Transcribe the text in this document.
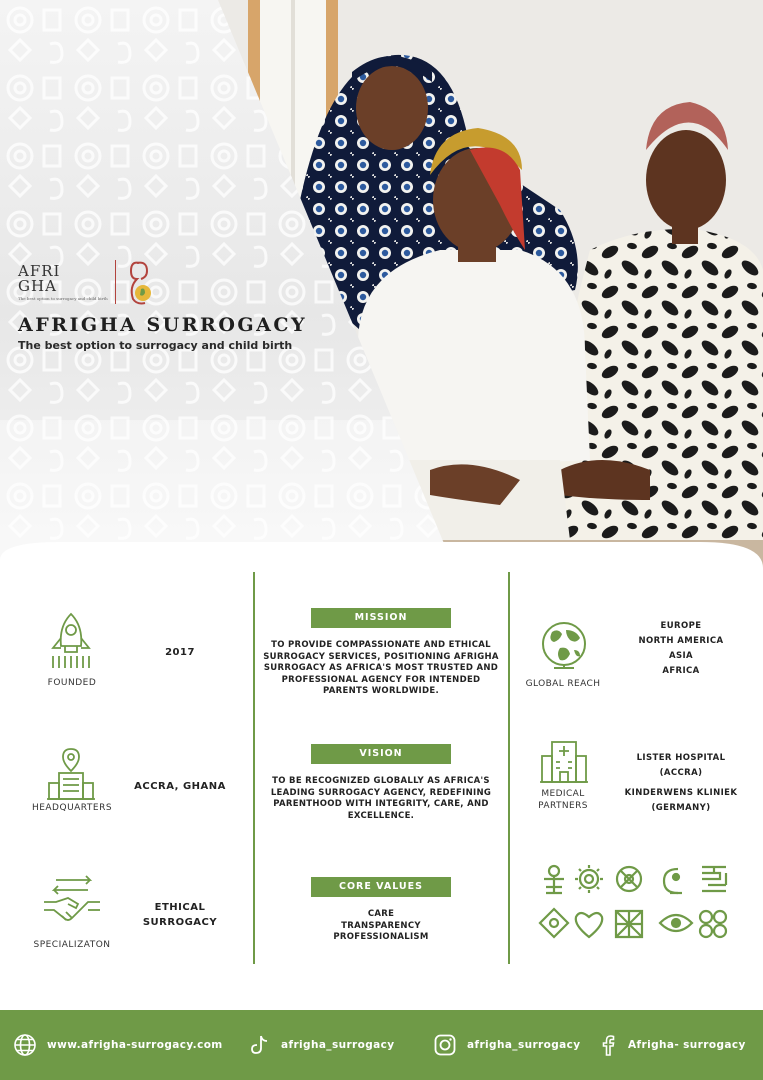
AFRI
GHA
The best option to surrogacy and child birth
AFRIGHA SURROGACY
The best option to surrogacy and child birth
FOUNDED
2017
HEADQUARTERS
ACCRA, GHANA
SPECIALIZATON
ETHICAL
SURROGACY
MISSION
TO PROVIDE COMPASSIONATE AND ETHICAL SURROGACY SERVICES, POSITIONING AFRIGHA SURROGACY AS AFRICA'S MOST TRUSTED AND PROFESSIONAL AGENCY FOR INTENDED PARENTS WORLDWIDE.
VISION
TO BE RECOGNIZED GLOBALLY AS AFRICA'S LEADING SURROGACY AGENCY, REDEFINING PARENTHOOD WITH INTEGRITY, CARE, AND EXCELLENCE.
CORE VALUES
CARE
TRANSPARENCY
PROFESSIONALISM
GLOBAL REACH
EUROPE
NORTH AMERICA
ASIA
AFRICA
MEDICAL
PARTNERS
LISTER HOSPITAL
(ACCRA)
KINDERWENS KLINIEK
(GERMANY)
www.afrigha-surrogacy.com	afrigha_surrogacy	afrigha_surrogacy	Afrigha- surrogacy
